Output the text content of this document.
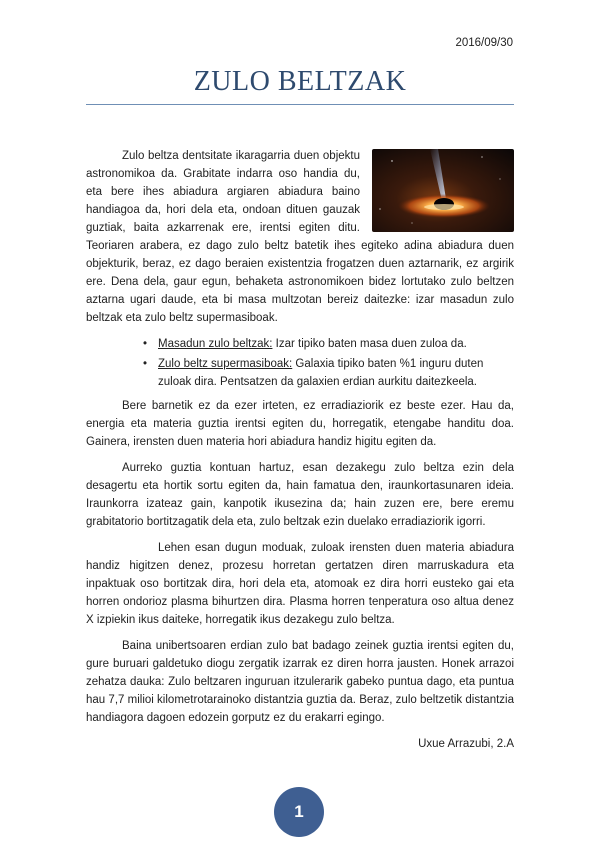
2016/09/30
ZULO BELTZAK

Zulo beltza dentsitate ikaragarria duen objektu astronomikoa da. Grabitate indarra oso handia du, eta bere ihes abiadura argiaren abiadura baino handiagoa da, hori dela eta, ondoan dituen gauzak guztiak, baita azkarrenak ere, irentsi egiten ditu. Teoriaren arabera, ez dago zulo beltz batetik ihes egiteko adina abiadura duen objekturik, beraz, ez dago beraien existentzia frogatzen duen aztarnarik, ez argirik ere. Dena dela, gaur egun, behaketa astronomikoen bidez lortutako zulo beltzen aztarna ugari daude, eta bi masa multzotan bereiz daitezke: izar masadun zulo beltzak eta zulo beltz supermasiboak.

• Masadun zulo beltzak: Izar tipiko baten masa duen zuloa da.
• Zulo beltz supermasiboak: Galaxia tipiko baten %1 inguru duten zuloak dira. Pentsatzen da galaxien erdian aurkitu daitezkeela.

Bere barnetik ez da ezer irteten, ez erradiaziorik ez beste ezer. Hau da, energia eta materia guztia irentsi egiten du, horregatik, etengabe handitu doa. Gainera, irensten duen materia hori abiadura handiz higitu egiten da.

Aurreko guztia kontuan hartuz, esan dezakegu zulo beltza ezin dela desagertu eta hortik sortu egiten da, hain famatua den, iraunkortasunaren ideia. Iraunkorra izateaz gain, kanpotik ikusezina da; hain zuzen ere, bere eremu grabitatorio bortitzagatik dela eta, zulo beltzak ezin duelako erradiaziorik igorri.

Lehen esan dugun moduak, zuloak irensten duen materia abiadura handiz higitzen denez, prozesu horretan gertatzen diren marruskadura eta inpaktuak oso bortitzak dira, hori dela eta, atomoak ez dira horri eusteko gai eta horren ondorioz plasma bihurtzen dira. Plasma horren tenperatura oso altua denez X izpiekin ikus daiteke, horregatik ikus dezakegu zulo beltza.

Baina unibertsoaren erdian zulo bat badago zeinek guztia irentsi egiten du, gure buruari galdetuko diogu zergatik izarrak ez diren horra jausten. Honek arrazoi zehatza dauka: Zulo beltzaren inguruan itzulerarik gabeko puntua dago, eta puntua hau 7,7 milioi kilometrotarainoko distantzia guztia da. Beraz, zulo beltzetik distantzia handiagora dagoen edozein gorputz ez du erakarri egingo.

Uxue Arrazubi, 2.A
1
